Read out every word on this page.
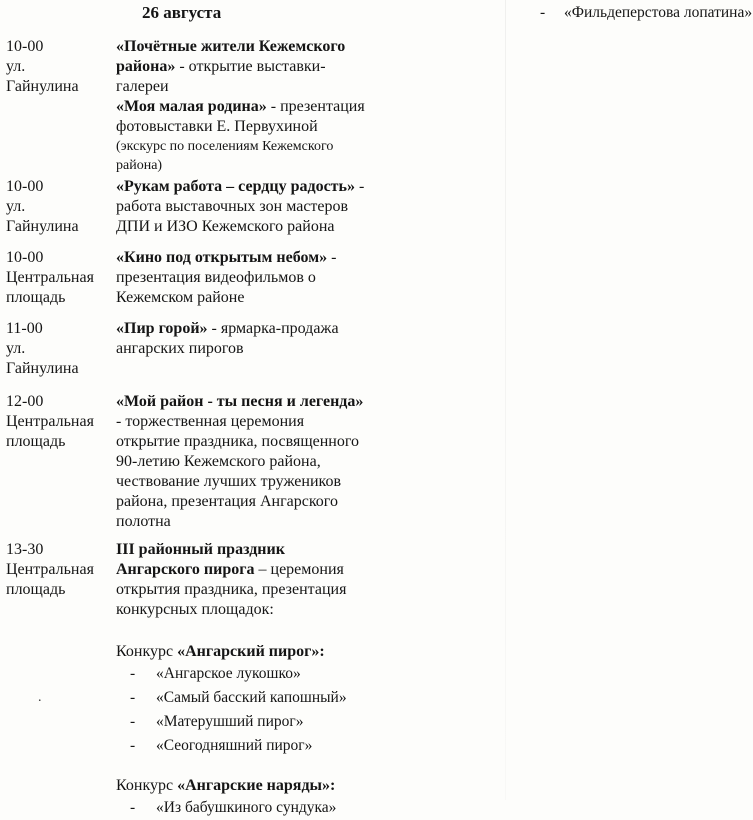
26 августа	- «Фильдеперстова лопатина»
10-00
ул.
Гайнулина
«Почётные жители Кежемского района» - открытие выставки-галереи
«Моя малая родина» - презентация фотовыставки Е. Первухиной
(экскурс по поселениям Кежемского района)
10-00
ул.
Гайнулина
«Рукам работа – сердцу радость» - работа выставочных зон мастеров ДПИ и ИЗО Кежемского района
10-00
Центральная
площадь
«Кино под открытым небом» - презентация видеофильмов о Кежемском районе
11-00
ул.
Гайнулина
«Пир горой» - ярмарка-продажа ангарских пирогов
12-00
Центральная
площадь
«Мой район - ты песня и легенда» - торжественная церемония открытие праздника, посвященного 90-летию Кежемского района, чествование лучших тружеников района, презентация Ангарского полотна
13-30
Центральная
площадь
III районный праздник Ангарского пирога – церемония открытия праздника, презентация конкурсных площадок:
Конкурс «Ангарский пирог»:
- «Ангарское лукошко»
- «Самый басский капошный»
- «Матерушший пирог»
- «Сеогодняшний пирог»
Конкурс «Ангарские наряды»:
- «Из бабушкиного сундука»
.
